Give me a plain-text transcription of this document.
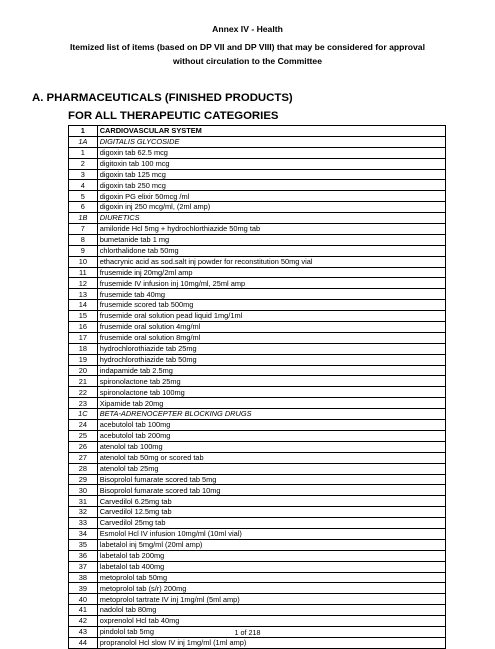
Annex IV - Health
Itemized list of items (based on DP VII and DP VIII) that may be considered for approval
without circulation to the Committee
A. PHARMACEUTICALS (FINISHED PRODUCTS)
FOR ALL THERAPEUTIC CATEGORIES
1	CARDIOVASCULAR SYSTEM
1A	DIGITALIS GLYCOSIDE
1	digoxin tab 62.5 mcg
2	digitoxin tab 100 mcg
3	digoxin tab 125 mcg
4	digoxin tab 250 mcg
5	digoxin PG elixir 50mcg /ml
6	digoxin inj 250 mcg/ml, (2ml amp)
1B	DIURETICS
7	amiloride Hcl 5mg + hydrochlorthiazide 50mg tab
8	bumetanide tab 1 mg
9	chlorthalidone tab 50mg
10	ethacrynic acid as sod.salt inj powder for reconstitution 50mg vial
11	frusemide inj 20mg/2ml amp
12	frusemide IV infusion inj 10mg/ml, 25ml amp
13	frusemide tab 40mg
14	frusemide scored tab 500mg
15	frusemide oral solution pead liquid 1mg/1ml
16	frusemide oral solution 4mg/ml
17	frusemide oral solution 8mg/ml
18	hydrochlorothiazide tab 25mg
19	hydrochlorothiazide tab 50mg
20	indapamide tab 2.5mg
21	spironolactone tab 25mg
22	spironolactone tab 100mg
23	Xipamide tab 20mg
1C	BETA-ADRENOCEPTER BLOCKING DRUGS
24	acebutolol tab 100mg
25	acebutolol tab 200mg
26	atenolol tab 100mg
27	atenolol tab 50mg or scored tab
28	atenolol tab 25mg
29	Bisoprolol fumarate scored tab 5mg
30	Bisoprolol fumarate scored tab 10mg
31	Carvedilol 6.25mg tab
32	Carvedilol 12.5mg tab
33	Carvedilol 25mg tab
34	Esmolol Hcl IV infusion 10mg/ml (10ml vial)
35	labetalol inj 5mg/ml (20ml amp)
36	labetalol tab 200mg
37	labetalol tab 400mg
38	metoprolol tab 50mg
39	metoprolol tab (s/r) 200mg
40	metoprolol tartrate IV inj 1mg/ml (5ml amp)
41	nadolol tab 80mg
42	oxprenolol Hcl tab 40mg
43	pindolol tab 5mg
44	propranolol Hcl slow IV inj 1mg/ml (1ml amp)
1 of 218
